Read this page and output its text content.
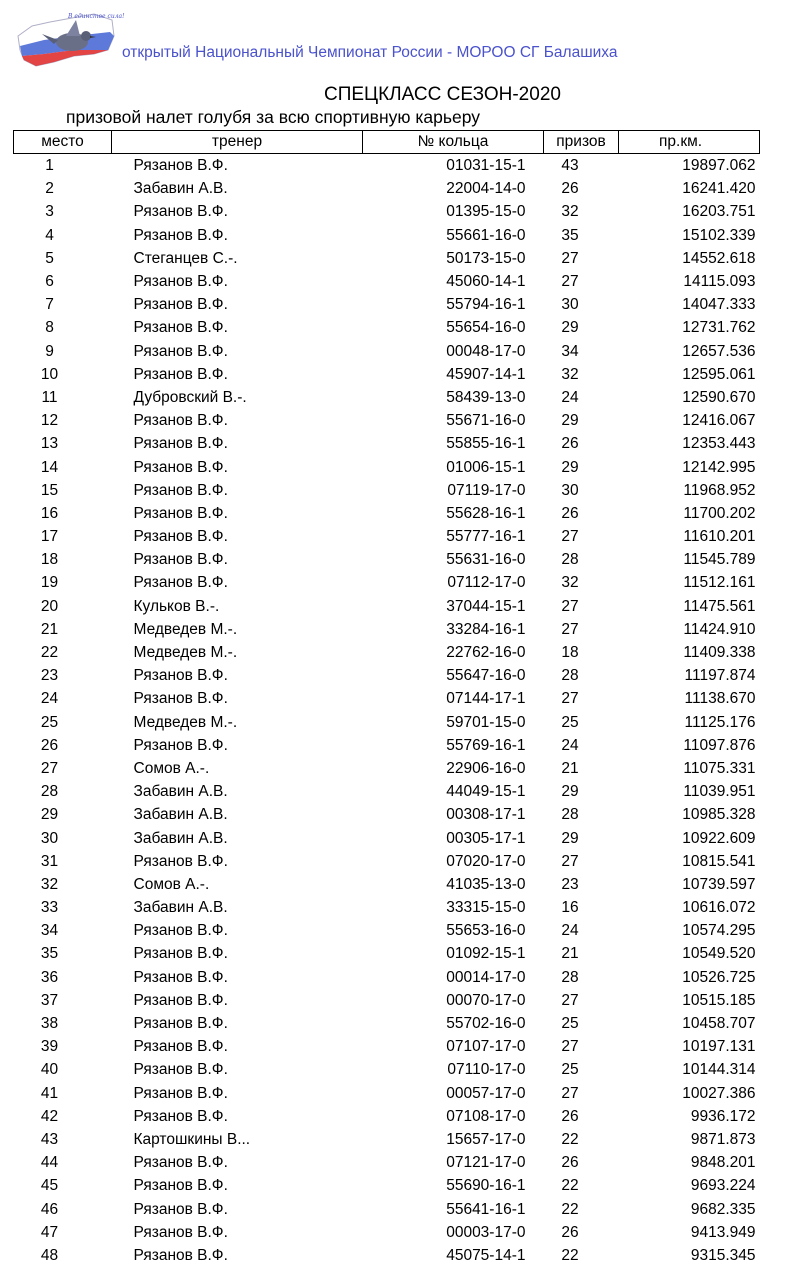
В единстве сила!
открытый Национальный Чемпионат России - МОРОО СГ Балашиха
СПЕЦКЛАСС СЕЗОН-2020
призовой налет голубя за всю спортивную карьеру
место	тренер	№ кольца	призов	пр.км.
1	Рязанов В.Ф.	01031-15-1	43	19897.062
2	Забавин А.В.	22004-14-0	26	16241.420
3	Рязанов В.Ф.	01395-15-0	32	16203.751
4	Рязанов В.Ф.	55661-16-0	35	15102.339
5	Стеганцев С.-.	50173-15-0	27	14552.618
6	Рязанов В.Ф.	45060-14-1	27	14115.093
7	Рязанов В.Ф.	55794-16-1	30	14047.333
8	Рязанов В.Ф.	55654-16-0	29	12731.762
9	Рязанов В.Ф.	00048-17-0	34	12657.536
10	Рязанов В.Ф.	45907-14-1	32	12595.061
11	Дубровский В.-.	58439-13-0	24	12590.670
12	Рязанов В.Ф.	55671-16-0	29	12416.067
13	Рязанов В.Ф.	55855-16-1	26	12353.443
14	Рязанов В.Ф.	01006-15-1	29	12142.995
15	Рязанов В.Ф.	07119-17-0	30	11968.952
16	Рязанов В.Ф.	55628-16-1	26	11700.202
17	Рязанов В.Ф.	55777-16-1	27	11610.201
18	Рязанов В.Ф.	55631-16-0	28	11545.789
19	Рязанов В.Ф.	07112-17-0	32	11512.161
20	Кульков В.-.	37044-15-1	27	11475.561
21	Медведев М.-.	33284-16-1	27	11424.910
22	Медведев М.-.	22762-16-0	18	11409.338
23	Рязанов В.Ф.	55647-16-0	28	11197.874
24	Рязанов В.Ф.	07144-17-1	27	11138.670
25	Медведев М.-.	59701-15-0	25	11125.176
26	Рязанов В.Ф.	55769-16-1	24	11097.876
27	Сомов А.-.	22906-16-0	21	11075.331
28	Забавин А.В.	44049-15-1	29	11039.951
29	Забавин А.В.	00308-17-1	28	10985.328
30	Забавин А.В.	00305-17-1	29	10922.609
31	Рязанов В.Ф.	07020-17-0	27	10815.541
32	Сомов А.-.	41035-13-0	23	10739.597
33	Забавин А.В.	33315-15-0	16	10616.072
34	Рязанов В.Ф.	55653-16-0	24	10574.295
35	Рязанов В.Ф.	01092-15-1	21	10549.520
36	Рязанов В.Ф.	00014-17-0	28	10526.725
37	Рязанов В.Ф.	00070-17-0	27	10515.185
38	Рязанов В.Ф.	55702-16-0	25	10458.707
39	Рязанов В.Ф.	07107-17-0	27	10197.131
40	Рязанов В.Ф.	07110-17-0	25	10144.314
41	Рязанов В.Ф.	00057-17-0	27	10027.386
42	Рязанов В.Ф.	07108-17-0	26	9936.172
43	Картошкины В...	15657-17-0	22	9871.873
44	Рязанов В.Ф.	07121-17-0	26	9848.201
45	Рязанов В.Ф.	55690-16-1	22	9693.224
46	Рязанов В.Ф.	55641-16-1	22	9682.335
47	Рязанов В.Ф.	00003-17-0	26	9413.949
48	Рязанов В.Ф.	45075-14-1	22	9315.345
